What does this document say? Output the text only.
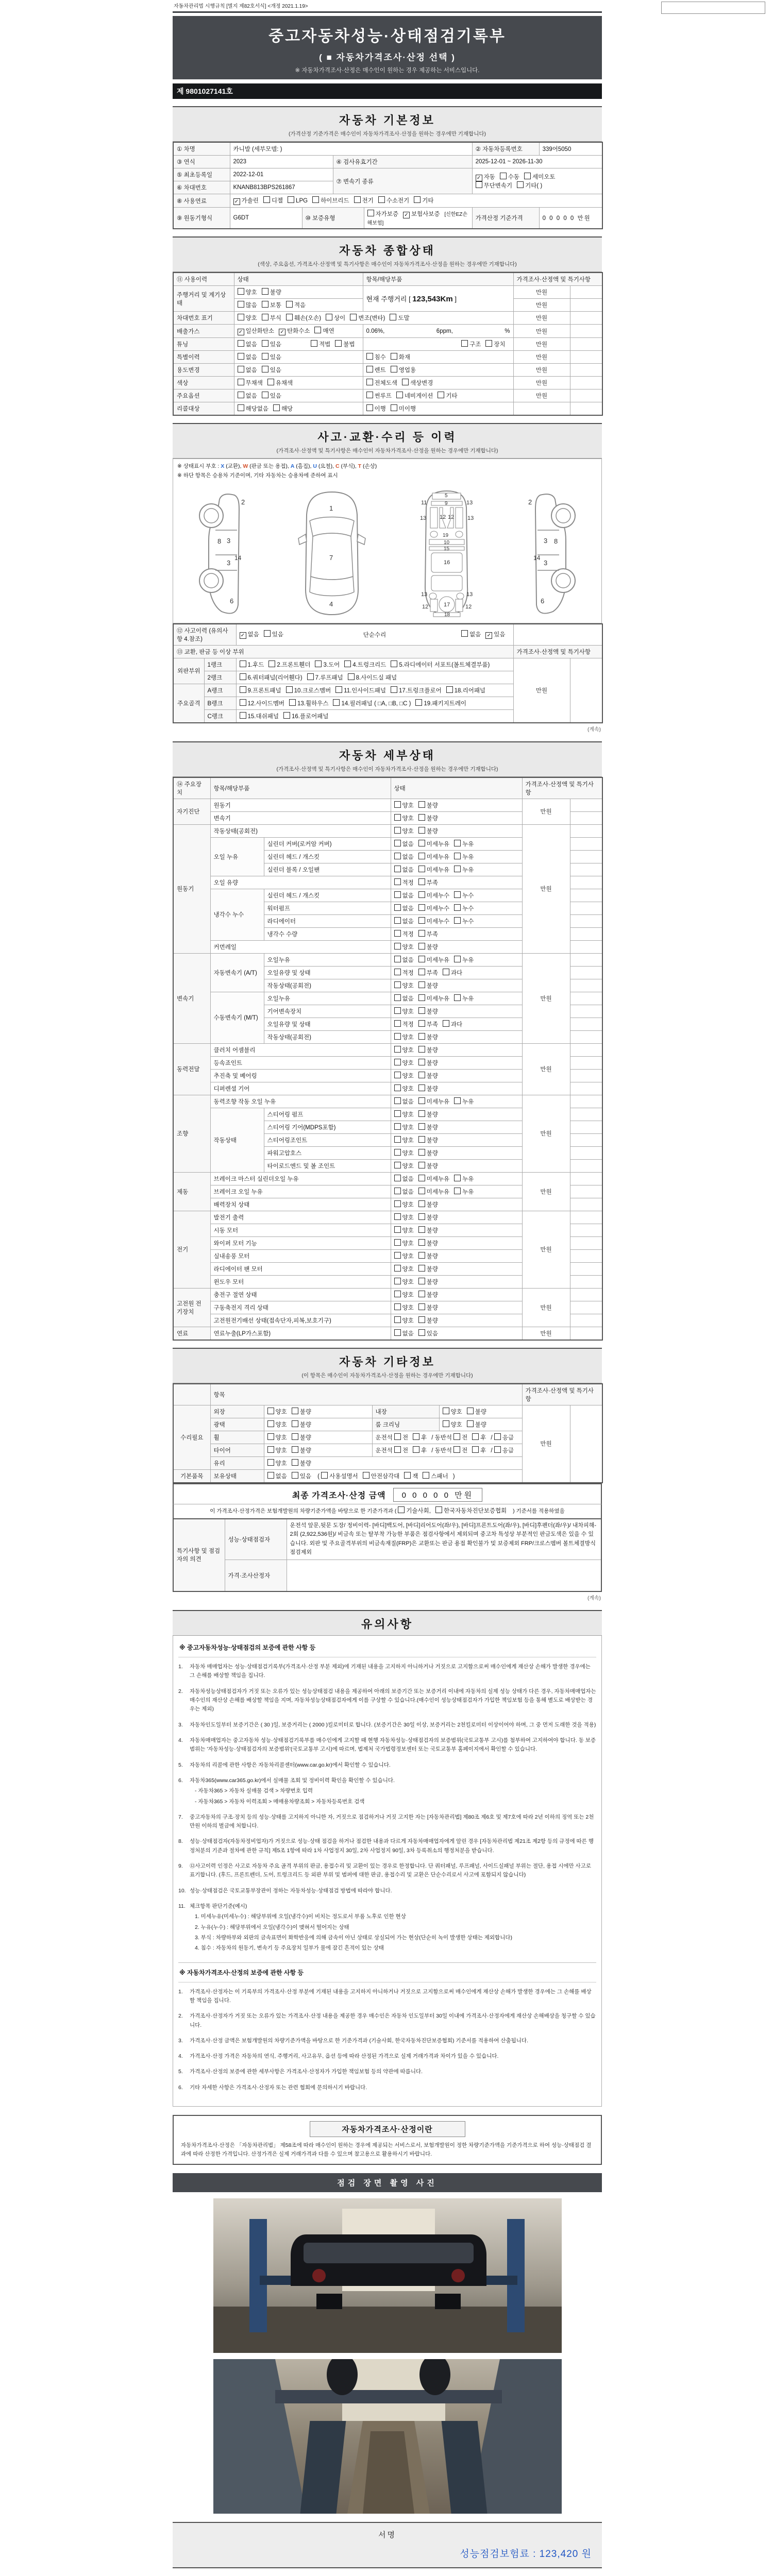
자동차관리법 시행규칙 [별지 제82호서식] <개정 2021.1.19>
중고자동차성능·상태점검기록부
( ■ 자동차가격조사·산정 선택 )
※ 자동차가격조사·산정은 매수인이 원하는 경우 제공하는 서비스입니다.
제 9801027141호
자동차 기본정보
(가격산정 기준가격은 매수인이 자동차가격조사·산정을 원하는 경우에만 기재합니다)
① 차명	카니발 (세부모델: )				② 자동차등록번호	339어5050
③ 연식	2023		④ 검사유효기간		2025-12-01 ~ 2026-11-30	
⑤ 최초등록일	2022-12-01		⑦ 변속기 종류		✓ 자동 수동 세미오토무단변속기 기타( )	
⑥ 차대번호	KNANB813BPS261867					
⑧ 사용연료	✓ 가솔린 디젤 LPG 하이브리드 전기 수소전기 기타					
⑨ 원동기형식	G6DT	⑩ 보증유형		자가보증 ✓ 보험사보증 [신한EZ손해보험]	가격산정 기준가격	0 0 0 0 0 만원
자동차 종합상태
(색상, 주요옵션, 가격조사·산정액 및 특기사항은 매수인이 자동차가격조사·산정을 원하는 경우에만 기재합니다)
⑪ 사용이력	상태	항목/해당부품	가격조사·산정액 및 특기사항	
주행거리 및 계기상태	양호 불량	현재 주행거리 [ 123,543Km ]	만원	
	많음 보통 적음		만원	
차대번호 표기	양호 부식 훼손(오손) 상이 변조(변타) 도말		만원	
배출가스	✓ 일산화탄소 ✓ 탄화수소 매연	0.06%, 6ppm, %	만원	
튜닝	없음 있음 적법 불법	구조 장치	만원	
특별이력	없음 있음	침수 화재	만원	
용도변경	없음 있음	렌트 영업용	만원	
색상	무채색 유채색	전체도색 색상변경	만원	
주요옵션	없음 있음	썬루프 네비게이션 기타	만원	
리콜대상	해당없음 해당	이행 미이행		
사고·교환·수리 등 이력
(가격조사·산정액 및 특기사항은 매수인이 자동차가격조사·산정을 원하는 경우에만 기재합니다)
※ 상태표시 부호 : X (교환), W (판금 또는 용접), A (흠집), U (요철), C (부식), T (손상)
※ 하단 항목은 승용차 기준이며, 기타 자동차는 승용차에 준하여 표시
2
8 3
3
14
6
1
7
4
5
9
11	13
13	13
12 12
10
15
16
13	13
12	12
17
18
19
2
8
3
3
14
6
⑫ 사고이력 (유의사항 4.참조)		✓ 없음 있음 단순수리 없음 ✓ 있음		

⑬ 교환, 판금 등 이상 부위			가격조사·산정액 및 특기사항	
외판부위	1랭크	1.후드 2.프론트휀더 3.도어 4.트렁크리드 5.라디에이터 서포트(볼트체결부품)	만원	
	2랭크	6.쿼터패널(리어휀다) 7.루프패널 8.사이드실 패널		
주요골격	A랭크	9.프론트패널 10.크로스멤버 11.인사이드패널 17.트렁크플로어 18.리어패널		
	B랭크	12.사이드멤버 13.휠하우스 14.필러패널 ( □A, □B, □C ) 19.패키지트레이		
	C랭크	15.대쉬패널 16.플로어패널		
(계속)
자동차 세부상태
(가격조사·산정액 및 특기사항은 매수인이 자동차가격조사·산정을 원하는 경우에만 기재합니다)
⑭ 주요장치	항목/해당부품		상태	가격조사·산정액 및 특기사항	
자기진단	원동기		양호 불량	만원	
	변속기		양호 불량		
원동기	작동상태(공회전)		양호 불량	만원	
	오일 누유	실린더 커버(로커암 커버)	없음 미세누유 누유		
		실린더 헤드 / 개스킷	없음 미세누유 누유		
		실린더 블록 / 오일팬	없음 미세누유 누유		
	오일 유량		적정 부족		
	냉각수 누수	실린더 헤드 / 개스킷	없음 미세누수 누수		
		워터펌프	없음 미세누수 누수		
		라디에이터	없음 미세누수 누수		
		냉각수 수량	적정 부족		
	커먼레일		양호 불량		
변속기	자동변속기 (A/T)	오일누유	없음 미세누유 누유	만원	
		오일유량 및 상태	적정 부족 과다		
		작동상태(공회전)	양호 불량		
	수동변속기 (M/T)	오일누유	없음 미세누유 누유		
		기어변속장치	양호 불량		
		오일유량 및 상태	적정 부족 과다		
		작동상태(공회전)	양호 불량		
동력전달	클러치 어셈블리		양호 불량	만원	
	등속죠인트		양호 불량		
	추진축 및 베어링		양호 불량		
	디퍼렌셜 기어		양호 불량		
조향	동력조향 작동 오일 누유		없음 미세누유 누유	만원	
	작동상태	스티어링 펌프	양호 불량		
		스티어링 기어(MDPS포함)	양호 불량		
		스티어링조인트	양호 불량		
		파워고압호스	양호 불량		
		타이로드엔드 및 볼 조인트	양호 불량		
제동	브레이크 마스터 실린더오일 누유		없음 미세누유 누유	만원	
	브레이크 오일 누유		없음 미세누유 누유		
	배력장치 상태		양호 불량		
전기	발전기 출력		양호 불량	만원	
	시동 모터		양호 불량		
	와이퍼 모터 기능		양호 불량		
	실내송풍 모터		양호 불량		
	라디에이터 팬 모터		양호 불량		
	윈도우 모터		양호 불량		
고전원 전기장치	충전구 절연 상태		양호 불량	만원	
	구동축전지 격리 상태		양호 불량		
	고전원전기배선 상태(접속단자,피복,보호기구)		양호 불량		
연료	연료누출(LP가스포함)		없음 있음	만원	
자동차 기타정보
(이 항목은 매수인이 자동차가격조사·산정을 원하는 경우에만 기재합니다)
	항목				가격조사·산정액 및 특기사항	
수리필요	외장	양호 불량	내장	양호 불량	만원	
	광택	양호 불량	룸 크리닝	양호 불량		
	휠	양호 불량	운전석 전 후 / 동반석 전 후 / 응급			
	타이어	양호 불량	운전석 전 후 / 동반석 전 후 / 응급			
	유리	양호 불량				
기본품목	보유상태	없음 있음 ( 사용설명서 안전삼각대 잭 스패너 )				
최종 가격조사·산정 금액	0 0 0 0 0 만원
이 가격조사·산정가격은 보험개발원의 차량기준가액을 바탕으로 한 기준가격과 ( 기술사회, 한국자동차진단보증협회 ) 기준서를 적용하였음
특기사항 및 점검자의 의견	성능·상태점검자	운전석 앞문,뒷문 도장/ 정비이력- [바디]백도어, [바디]리어도어(좌/우), [바디]프론트도어(좌/우), [바디]후펜더(좌/우)/ 내차피해- 2회 (2,922,536원)/ 비금속 또는 탈부착 가능한 부품은 점검사항에서 제외되며 중고차 특성상 부분적인 판금도색은 있을 수 있습니다. 외판 및 주요골격부위의 비금속재질(FRP)은 교환또는 판금 용접 확인불가 및 보증제외 FRP/크로스멤버 볼트체결방식 점검제외
	가격·조사산정자	
(계속)
유의사항
※ 중고자동차성능·상태점검의 보증에 관한 사항 등
1.	자동차 매매업자는 성능·상태점검기록부(가격조사·산정 부분 제외)에 기재된 내용을 고지하지 아니하거나 거짓으로 고지함으로써 매수인에게 재산상 손해가 발생한 경우에는 그 손해를 배상할 책임을 집니다.
2.	자동차성능상태점검자가 거짓 또는 오류가 있는 성능상태점검 내용을 제공하여 아래의 보증기간 또는 보증거리 이내에 자동차의 실제 성능 상태가 다른 경우, 자동차매매업자는 매수인의 재산상 손해를 배상할 책임을 지며, 자동차성능상태점검자에게 이를 구상할 수 있습니다.(매수인이 성능상태점검자가 가입한 책임보험 등을 통해 별도로 배상받는 경우는 제외)
3.	자동차인도일부터 보증기간은 ( 30 )일, 보증거리는 ( 2000 )킬로미터로 합니다. (보증기간은 30일 이상, 보증거리는 2천킬로미터 이상이어야 하며, 그 중 먼저 도래한 것을 적용)
4.	자동차매매업자는 중고자동차 성능·상태점검기록부를 매수인에게 고지할 때 현행 자동차성능·상태점검자의 보증범위(국토교통부 고시)를 첨부하여 고지하여야 합니다. 동 보증범위는 '자동차성능·상태점검자의 보증범위'(국토교통부 고시)에 따르며, 법제처 국가법령정보센터 또는 국토교통부 홈페이지에서 확인할 수 있습니다.
5.	자동차의 리콜에 관한 사항은 자동차리콜센터(www.car.go.kr)에서 확인할 수 있습니다.
6.	자동차365(www.car365.go.kr)에서 실매물 조회 및 정비이력 확인을 확인할 수 있습니다.
- 자동차365 > 자동차 실매물 검색 > 차량번호 입력
- 자동차365 > 자동차 이력조회 > 매매용차량조회 > 자동차등록번호 검색
7.	중고자동차의 구조·장치 등의 성능·상태를 고지하지 아니한 자, 거짓으로 점검하거나 거짓 고지한 자는 [자동차관리법] 제80조 제6호 및 제7호에 따라 2년 이하의 징역 또는 2천만원 이하의 벌금에 처합니다.
8.	성능·상태점검자(자동차정비업자)가 거짓으로 성능·상태 점검을 하거나 점검한 내용과 다르게 자동차매매업자에게 알린 경우 [자동차관리법 제21조 제2항 등의 규정에 따른 행정처분의 기준과 절차에 관한 규칙] 제5조 1항에 따라 1차 사업정지 30일, 2차 사업정지 90일, 3차 등록취소의 행정처분을 받습니다.
9.	⑫사고이력 인정은 사고로 자동차 주요 골격 부위의 판금, 용접수리 및 교환이 있는 경우로 한정합니다. 단 쿼터패널, 루프패널, 사이드실패널 부위는 절단, 용접 시에만 사고로 표기합니다. (후드, 프론트펜더, 도어, 트렁크리드 등 외판 부위 및 범퍼에 대한 판금, 용접수리 및 교환은 단순수리로서 사고에 포함되지 않습니다)
10. 성능·상태점검은 국토교통부장관이 정하는 자동차성능·상태점검 방법에 따라야 합니다.
11. 체크항목 판단기준(예시)
1. 미세누유(미세누수) : 해당부위에 오일(냉각수)이 비치는 정도로서 부품 노후로 인한 현상
2. 누유(누수) : 해당부위에서 오일(냉각수)이 맺혀서 떨어지는 상태
3. 부식 : 차량하부와 외판의 금속표면이 화학반응에 의해 금속이 아닌 상태로 상실되어 가는 현상(단순히 녹이 발생한 상태는 제외합니다)
4. 침수 : 자동차의 원동기, 변속기 등 주요장치 일부가 물에 잠긴 흔적이 있는 상태
※ 자동차가격조사·산정의 보증에 관한 사항 등
1.	가격조사·산정자는 이 기록부의 가격조사·산정 부분에 기재된 내용을 고지하지 아니하거나 거짓으로 고지함으로써 매수인에게 재산상 손해가 발생한 경우에는 그 손해를 배상할 책임을 집니다.
2.	가격조사·산정자가 거짓 또는 오류가 있는 가격조사·산정 내용을 제공한 경우 매수인은 자동차 인도일부터 30일 이내에 가격조사·산정자에게 재산상 손해배상을 청구할 수 있습니다.
3.	가격조사·산정 금액은 보험개발원의 차량기준가액을 바탕으로 한 기준가격과 (기술사회, 한국자동차진단보증협회) 기준서를 적용하여 산출됩니다.
4.	가격조사·산정 가격은 자동차의 연식, 주행거리, 사고유무, 옵션 등에 따라 산정된 가격으로 실제 거래가격과 차이가 있을 수 있습니다.
5.	가격조사·산정의 보증에 관한 세부사항은 가격조사·산정자가 가입한 책임보험 등의 약관에 따릅니다.
6.	기타 자세한 사항은 가격조사·산정자 또는 관련 협회에 문의하시기 바랍니다.
자동차가격조사·산정이란
자동차가격조사·산정은 「자동차관리법」 제58조에 따라 매수인이 원하는 경우에 제공되는 서비스로서, 보험개발원이 정한 차량기준가액을 기준가격으로 하여 성능·상태점검 결과에 따라 산정한 가격입니다. 산정가격은 실제 거래가격과 다를 수 있으며 참고용으로 활용하시기 바랍니다.
점검 장면 촬영 사진
서명
성능점검보험료 : 123,420 원
